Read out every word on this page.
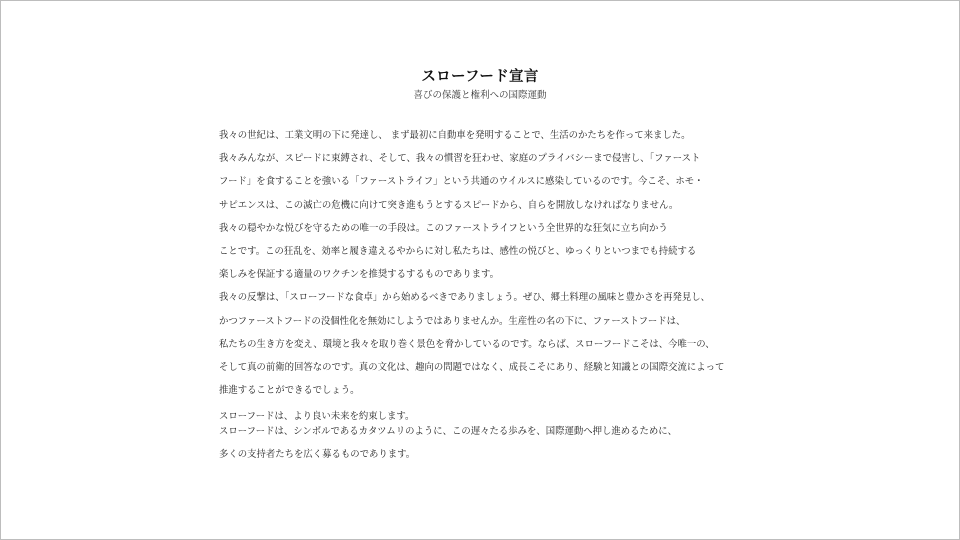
スローフード宣言
喜びの保護と権利への国際運動
我々の世紀は、工業文明の下に発達し、 まず最初に自動車を発明することで、生活のかたちを作って来ました。
我々みんなが、スピードに束縛され、そして、我々の慣習を狂わせ、家庭のプライバシーまで侵害し、「ファースト
フード」を食することを強いる「ファーストライフ」という共通のウイルスに感染しているのです。今こそ、ホモ・
サピエンスは、この滅亡の危機に向けて突き進もうとするスピードから、自らを開放しなければなりません。
我々の穏やかな悦びを守るための唯一の手段は。このファーストライフという全世界的な狂気に立ち向かう
ことです。この狂乱を、効率と履き違えるやからに対し私たちは、感性の悦びと、ゆっくりといつまでも持続する
楽しみを保証する適量のワクチンを推奨するするものであります。
我々の反撃は、「スローフードな食卓」から始めるべきでありましょう。ぜひ、郷土料理の風味と豊かさを再発見し、
かつファーストフードの没個性化を無効にしようではありませんか。生産性の名の下に、ファーストフードは、
私たちの生き方を変え、環境と我々を取り巻く景色を脅かしているのです。ならば、スローフードこそは、今唯一の、
そして真の前衛的回答なのです。真の文化は、趣向の問題ではなく、成長こそにあり、経験と知識との国際交流によって
推進することができるでしょう。
スローフードは、より良い未来を約束します。
スローフードは、シンボルであるカタツムリのように、この遅々たる歩みを、国際運動へ押し進めるために、
多くの支持者たちを広く募るものであります。
